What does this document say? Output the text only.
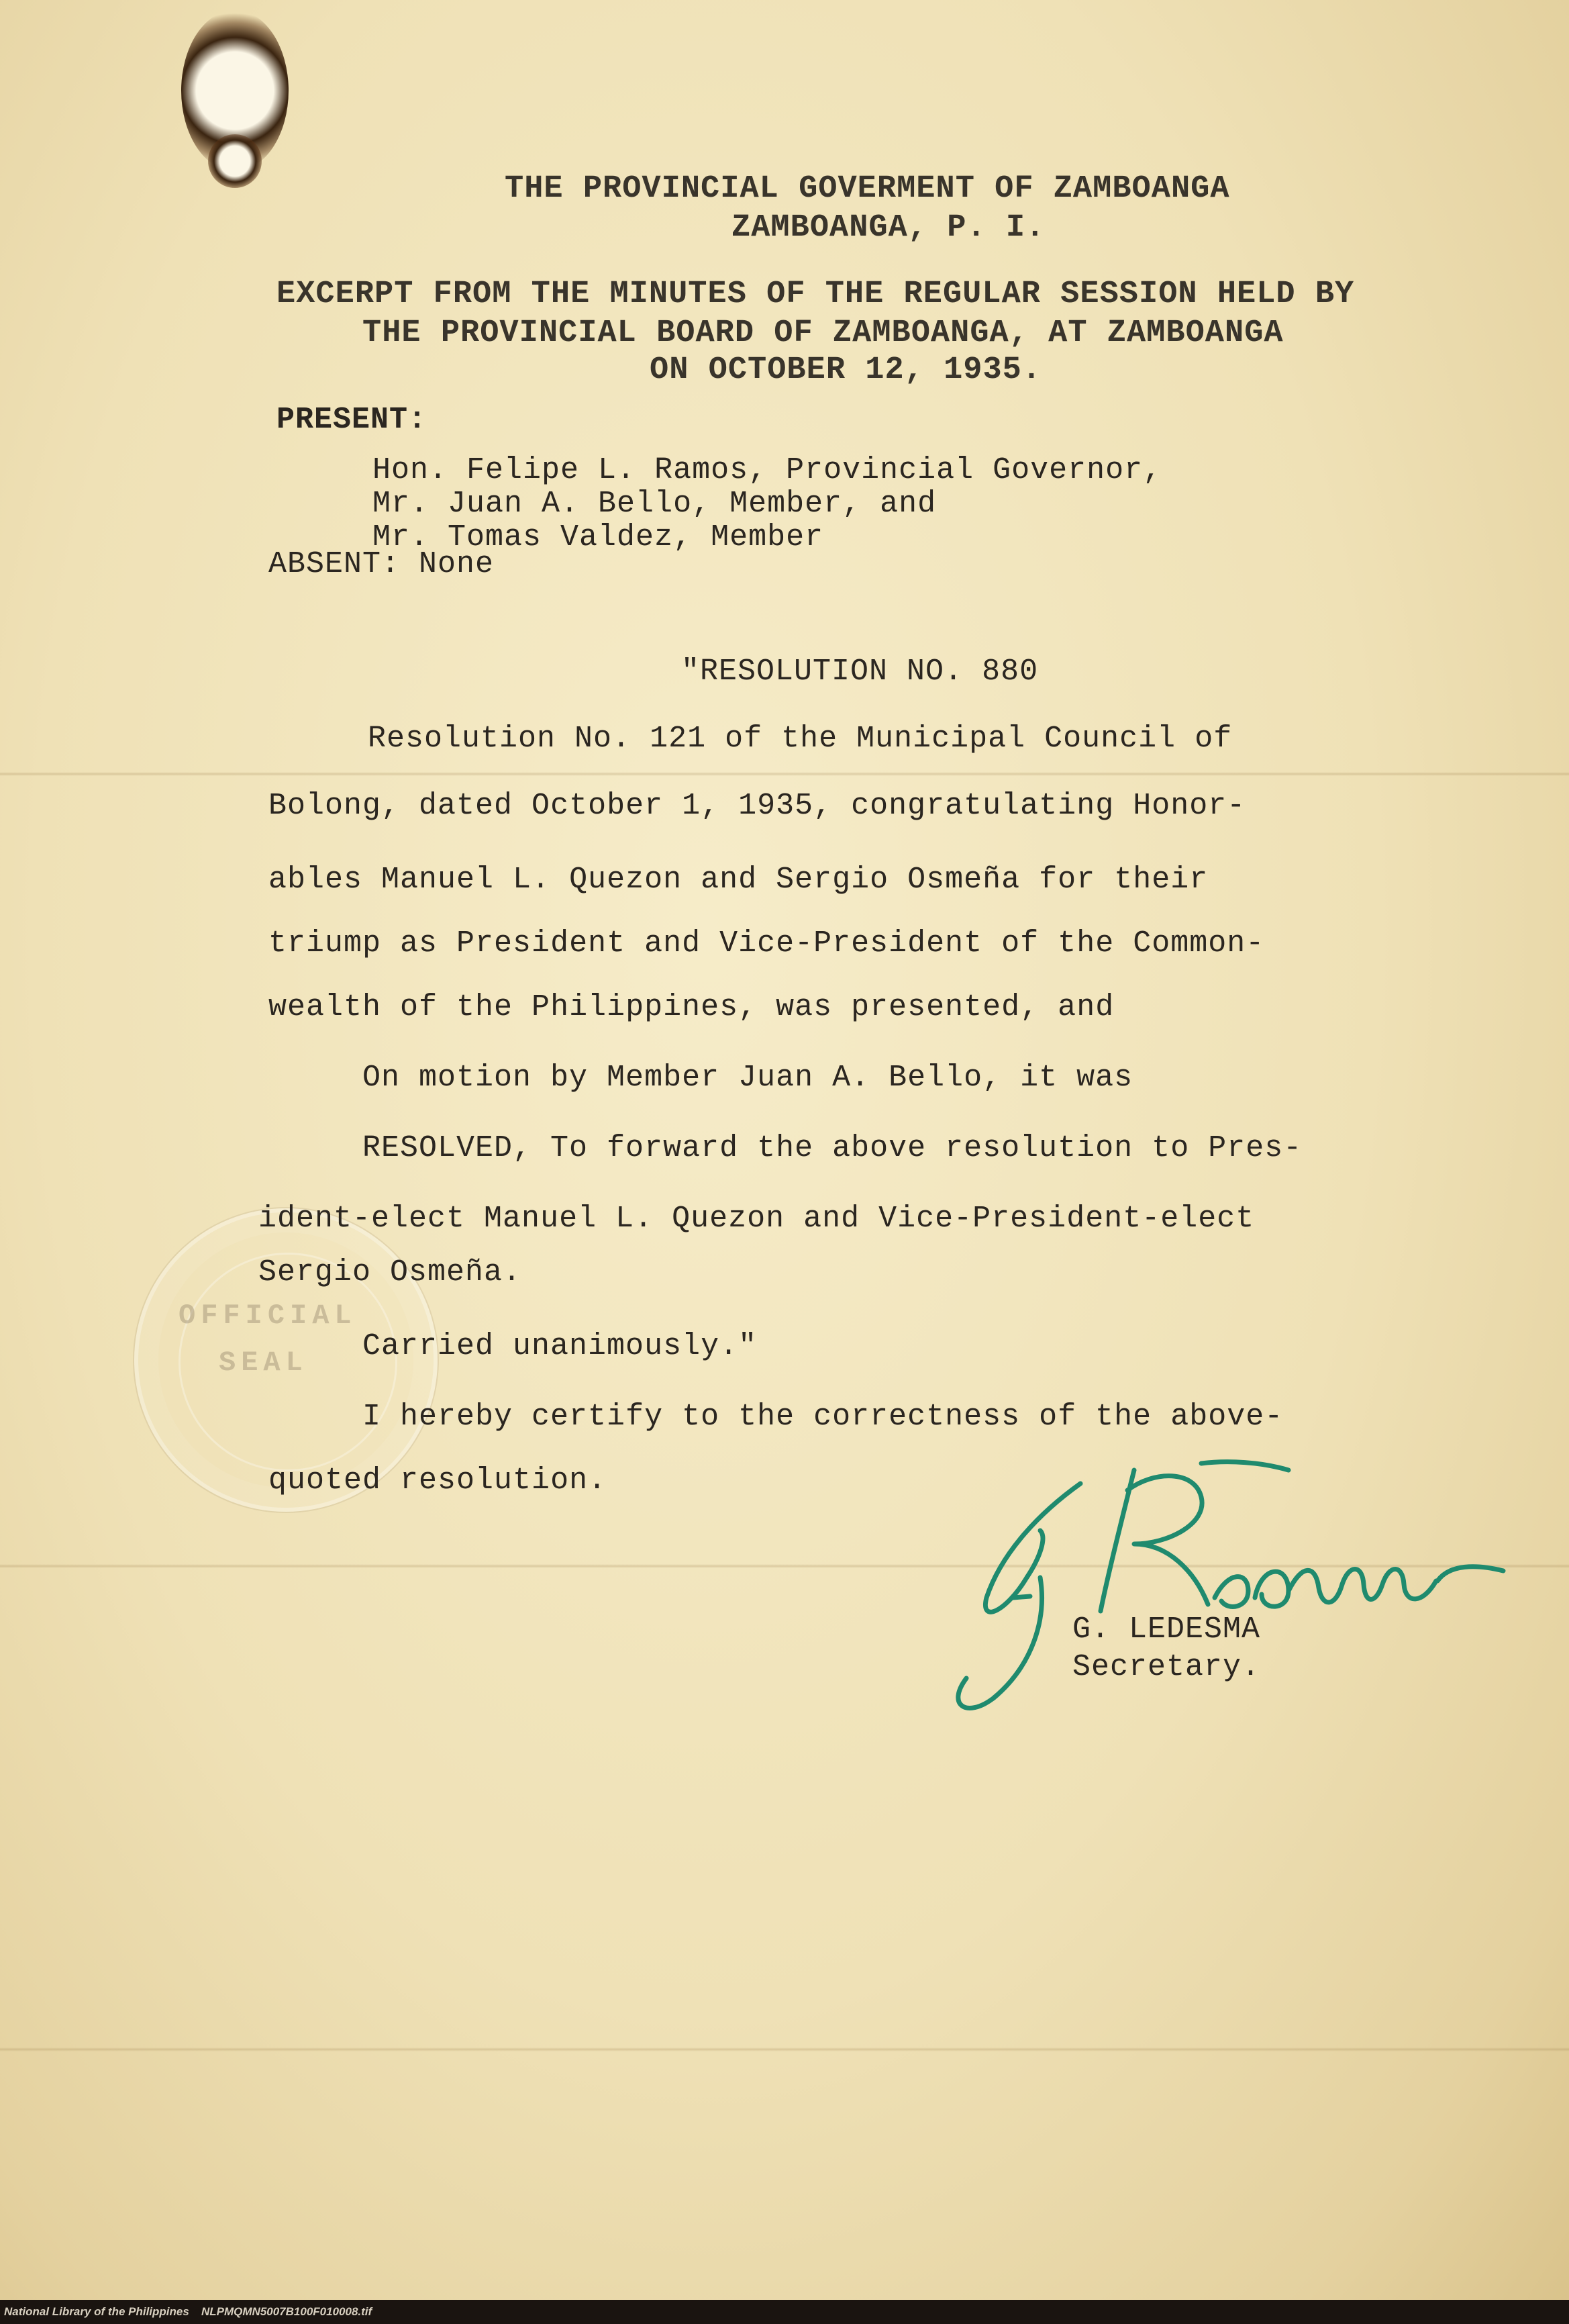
OFFICIAL
SEAL
THE PROVINCIAL GOVERMENT OF ZAMBOANGA
ZAMBOANGA, P. I.
EXCERPT FROM THE MINUTES OF THE REGULAR SESSION HELD BY
THE PROVINCIAL BOARD OF ZAMBOANGA, AT ZAMBOANGA
ON OCTOBER 12, 1935.
PRESENT:
Hon. Felipe L. Ramos, Provincial Governor,
Mr. Juan A. Bello, Member, and
Mr. Tomas Valdez, Member
ABSENT: None
"RESOLUTION NO. 880
Resolution No. 121 of the Municipal Council of
Bolong, dated October 1, 1935, congratulating Honor-
ables Manuel L. Quezon and Sergio Osmeña for their
triump as President and Vice-President of the Common-
wealth of the Philippines, was presented, and
On motion by Member Juan A. Bello, it was
RESOLVED, To forward the above resolution to Pres-
ident-elect Manuel L. Quezon and Vice-President-elect
Sergio Osmeña.
Carried unanimously."
I hereby certify to the correctness of the above-
quoted resolution.
G. LEDESMA
Secretary.
National Library of the Philippines NLPMQMN5007B100F010008.tif
